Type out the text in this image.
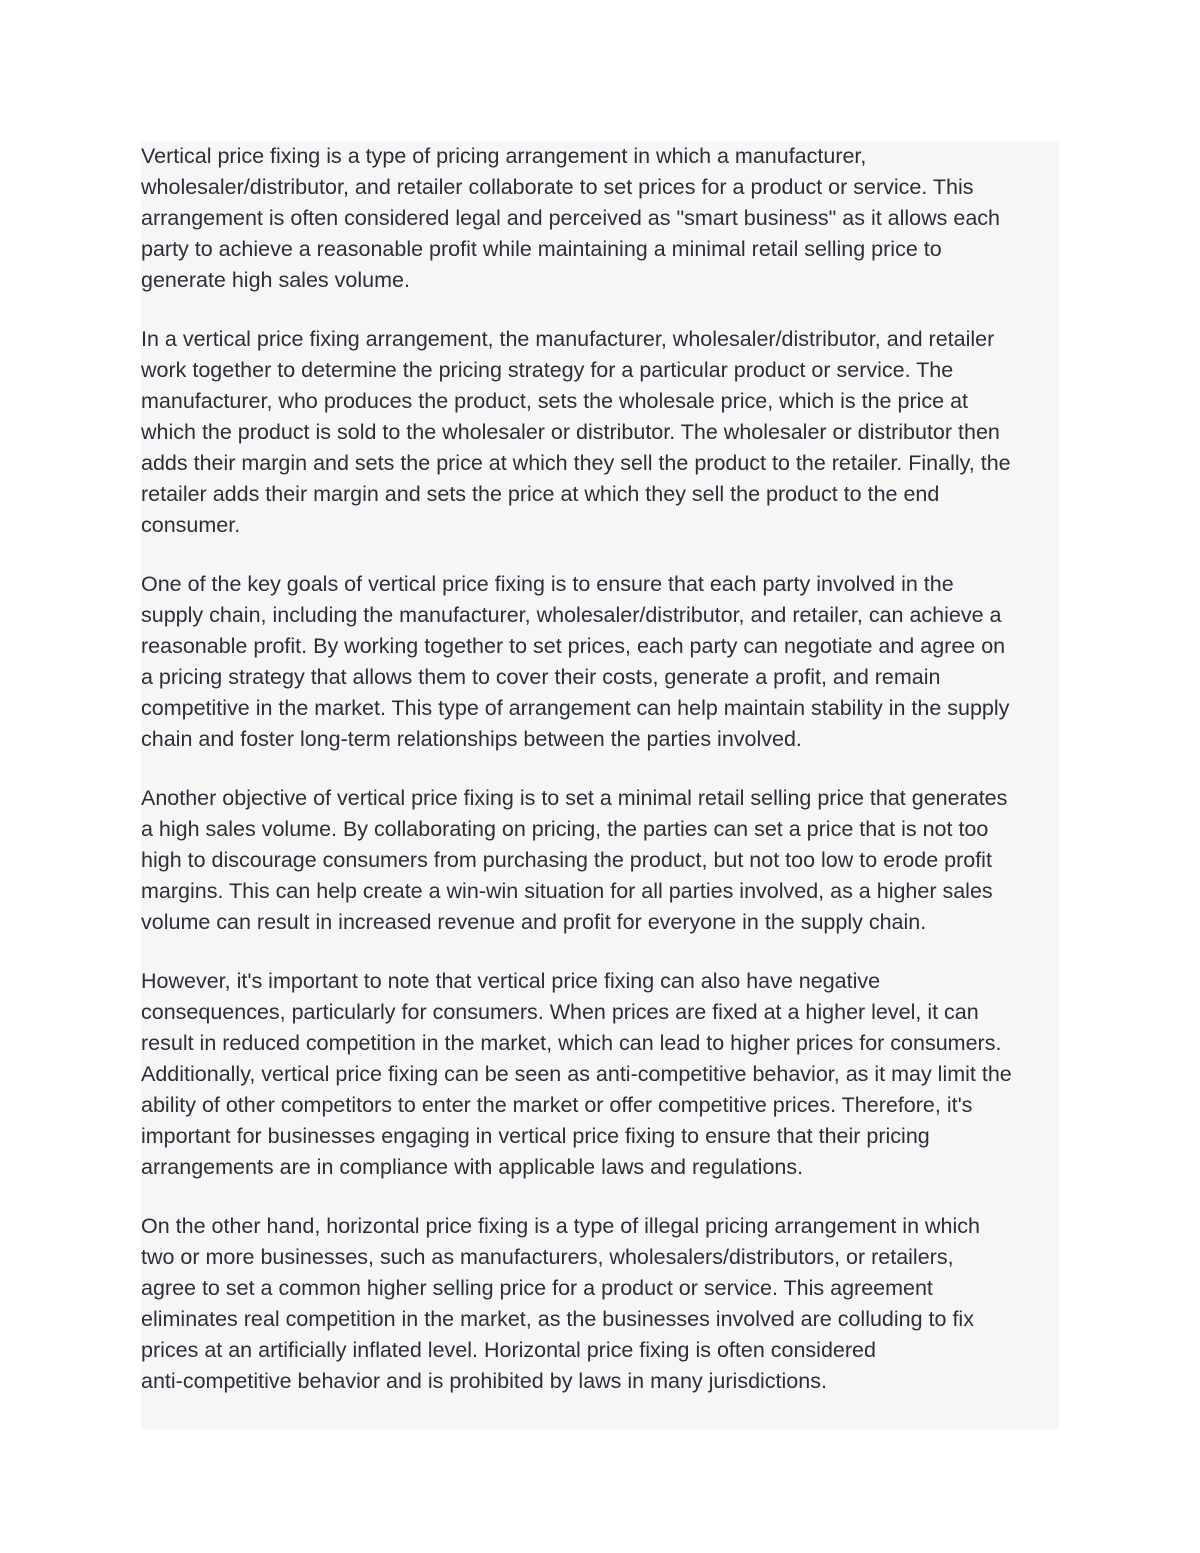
Vertical price fixing is a type of pricing arrangement in which a manufacturer,
wholesaler/distributor, and retailer collaborate to set prices for a product or service. This
arrangement is often considered legal and perceived as "smart business" as it allows each
party to achieve a reasonable profit while maintaining a minimal retail selling price to
generate high sales volume.

In a vertical price fixing arrangement, the manufacturer, wholesaler/distributor, and retailer
work together to determine the pricing strategy for a particular product or service. The
manufacturer, who produces the product, sets the wholesale price, which is the price at
which the product is sold to the wholesaler or distributor. The wholesaler or distributor then
adds their margin and sets the price at which they sell the product to the retailer. Finally, the
retailer adds their margin and sets the price at which they sell the product to the end
consumer.

One of the key goals of vertical price fixing is to ensure that each party involved in the
supply chain, including the manufacturer, wholesaler/distributor, and retailer, can achieve a
reasonable profit. By working together to set prices, each party can negotiate and agree on
a pricing strategy that allows them to cover their costs, generate a profit, and remain
competitive in the market. This type of arrangement can help maintain stability in the supply
chain and foster long-term relationships between the parties involved.

Another objective of vertical price fixing is to set a minimal retail selling price that generates
a high sales volume. By collaborating on pricing, the parties can set a price that is not too
high to discourage consumers from purchasing the product, but not too low to erode profit
margins. This can help create a win-win situation for all parties involved, as a higher sales
volume can result in increased revenue and profit for everyone in the supply chain.

However, it's important to note that vertical price fixing can also have negative
consequences, particularly for consumers. When prices are fixed at a higher level, it can
result in reduced competition in the market, which can lead to higher prices for consumers.
Additionally, vertical price fixing can be seen as anti-competitive behavior, as it may limit the
ability of other competitors to enter the market or offer competitive prices. Therefore, it's
important for businesses engaging in vertical price fixing to ensure that their pricing
arrangements are in compliance with applicable laws and regulations.

On the other hand, horizontal price fixing is a type of illegal pricing arrangement in which
two or more businesses, such as manufacturers, wholesalers/distributors, or retailers,
agree to set a common higher selling price for a product or service. This agreement
eliminates real competition in the market, as the businesses involved are colluding to fix
prices at an artificially inflated level. Horizontal price fixing is often considered
anti-competitive behavior and is prohibited by laws in many jurisdictions.
